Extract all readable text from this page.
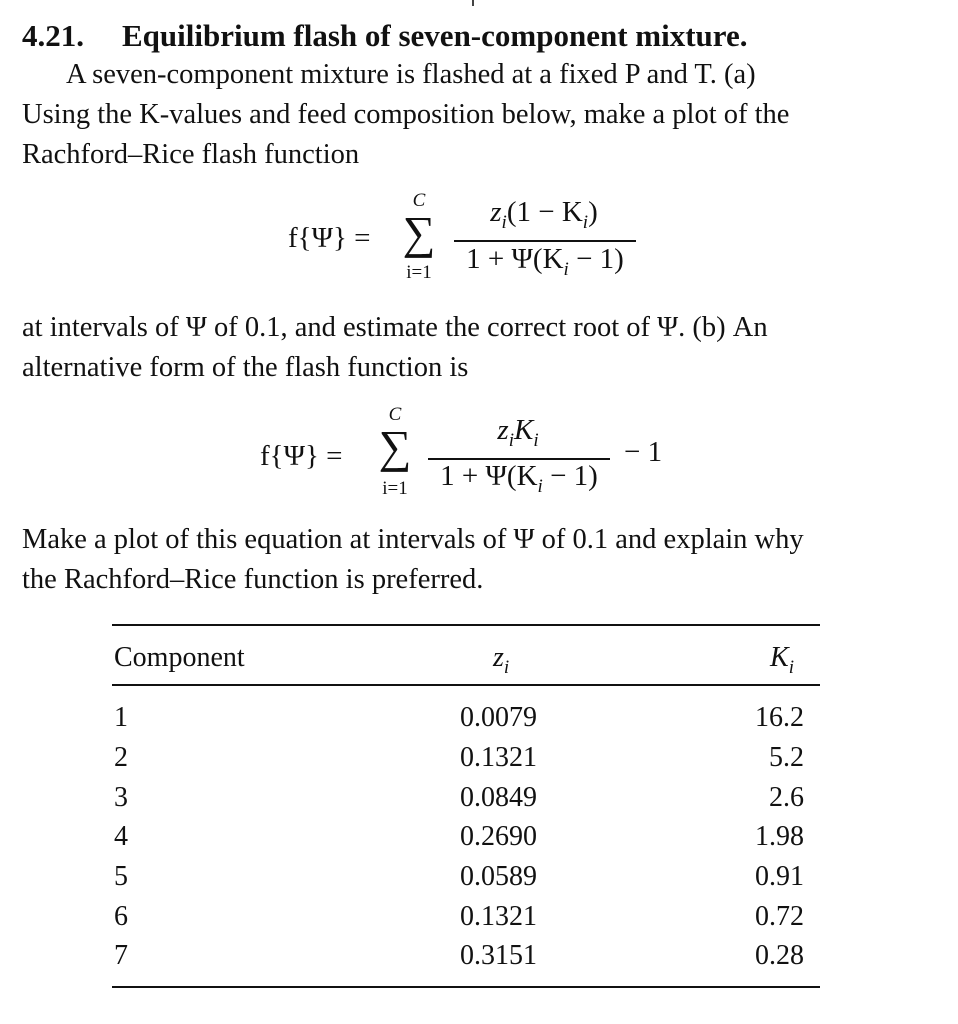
4.21. Equilibrium flash of seven-component mixture.
A seven-component mixture is flashed at a fixed P and T. (a)
Using the K-values and feed composition below, make a plot of the
Rachford–Rice flash function
f{Ψ} =
C
∑
i=1
$z_i(1 - K_i)$
$1 + \Psi(K_i - 1)$
at intervals of Ψ of 0.1, and estimate the correct root of Ψ. (b) An
alternative form of the flash function is
f{Ψ} =
C
∑
i=1
$z_iK_i$
$1 + \Psi(K_i - 1)$
− 1
Make a plot of this equation at intervals of Ψ of 0.1 and explain why
the Rachford–Rice function is preferred.
Component	$z_i$	$K_i$
1	0.0079	16.2
2	0.1321	5.2
3	0.0849	2.6
4	0.2690	1.98
5	0.0589	0.91
6	0.1321	0.72
7	0.3151	0.28
